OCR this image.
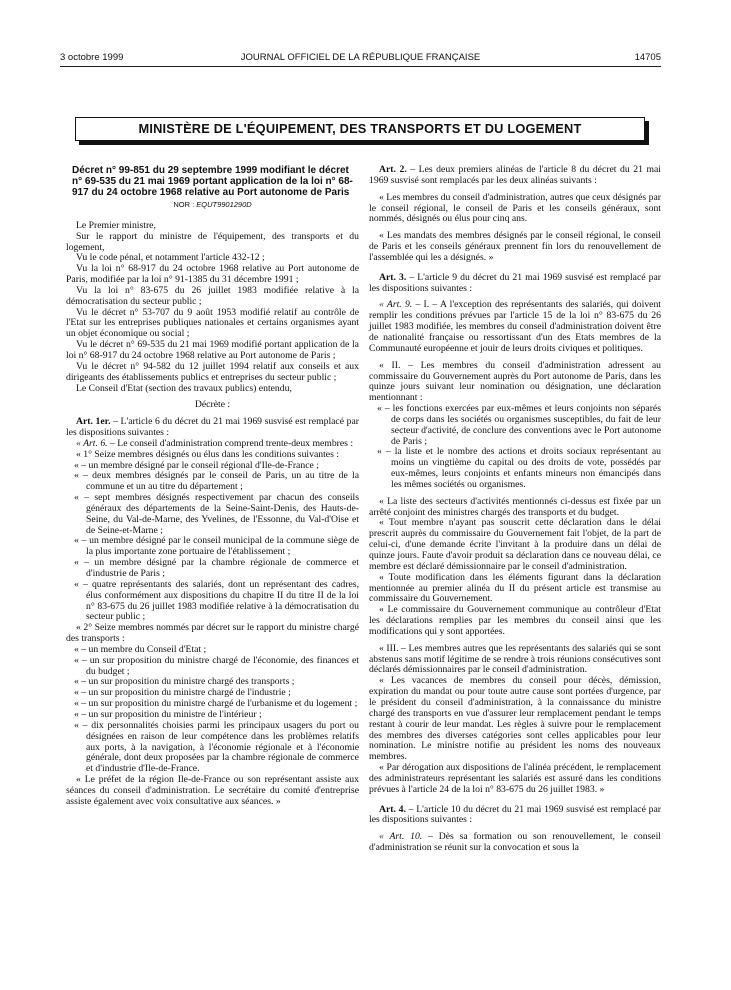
3 octobre 1999	JOURNAL OFFICIEL DE LA RÉPUBLIQUE FRANÇAISE	14705
MINISTÈRE DE L'ÉQUIPEMENT, DES TRANSPORTS ET DU LOGEMENT

Décret n° 99-851 du 29 septembre 1999 modifiant le décret n° 69-535 du 21 mai 1969 portant application de la loi n° 68-917 du 24 octobre 1968 relative au Port autonome de Paris

NOR : EQUT9901290D

Le Premier ministre,

Sur le rapport du ministre de l'équipement, des transports et du logement,

Vu le code pénal, et notamment l'article 432-12 ;

Vu la loi n° 68-917 du 24 octobre 1968 relative au Port autonome de Paris, modifiée par la loi n° 91-1385 du 31 décembre 1991 ;

Vu la loi n° 83-675 du 26 juillet 1983 modifiée relative à la démocratisation du secteur public ;

Vu le décret n° 53-707 du 9 août 1953 modifié relatif au contrôle de l'Etat sur les entreprises publiques nationales et certains organismes ayant un objet économique ou social ;

Vu le décret n° 69-535 du 21 mai 1969 modifié portant application de la loi n° 68-917 du 24 octobre 1968 relative au Port autonome de Paris ;

Vu le décret n° 94-582 du 12 juillet 1994 relatif aux conseils et aux dirigeants des établissements publics et entreprises du secteur public ;

Le Conseil d'Etat (section des travaux publics) entendu,

Décrète :

Art. 1er. – L'article 6 du décret du 21 mai 1969 susvisé est remplacé par les dispositions suivantes :

« Art. 6. – Le conseil d'administration comprend trente-deux membres :

« 1° Seize membres désignés ou élus dans les conditions suivantes :

« – un membre désigné par le conseil régional d'Ile-de-France ;

« – deux membres désignés par le conseil de Paris, un au titre de la commune et un au titre du département ;

« – sept membres désignés respectivement par chacun des conseils généraux des départements de la Seine-Saint-Denis, des Hauts-de-Seine, du Val-de-Marne, des Yvelines, de l'Essonne, du Val-d'Oise et de Seine-et-Marne ;

« – un membre désigné par le conseil municipal de la commune siège de la plus importante zone portuaire de l'établissement ;

« – un membre désigné par la chambre régionale de commerce et d'industrie de Paris ;

« – quatre représentants des salariés, dont un représentant des cadres, élus conformément aux dispositions du chapitre II du titre II de la loi n° 83-675 du 26 juillet 1983 modifiée relative à la démocratisation du secteur public ;

« 2° Seize membres nommés par décret sur le rapport du ministre chargé des transports :

« – un membre du Conseil d'Etat ;

« – un sur proposition du ministre chargé de l'économie, des finances et du budget ;

« – un sur proposition du ministre chargé des transports ;

« – un sur proposition du ministre chargé de l'industrie ;

« – un sur proposition du ministre chargé de l'urbanisme et du logement ;

« – un sur proposition du ministre de l'intérieur ;

« – dix personnalités choisies parmi les principaux usagers du port ou désignées en raison de leur compétence dans les problèmes relatifs aux ports, à la navigation, à l'économie régionale et à l'économie générale, dont deux proposées par la chambre régionale de commerce et d'industrie d'Ile-de-France.

« Le préfet de la région Ile-de-France ou son représentant assiste aux séances du conseil d'administration. Le secrétaire du comité d'entreprise assiste également avec voix consultative aux séances. »

Art. 2. – Les deux premiers alinéas de l'article 8 du décret du 21 mai 1969 susvisé sont remplacés par les deux alinéas suivants :

« Les membres du conseil d'administration, autres que ceux désignés par le conseil régional, le conseil de Paris et les conseils généraux, sont nommés, désignés ou élus pour cinq ans.

« Les mandats des membres désignés par le conseil régional, le conseil de Paris et les conseils généraux prennent fin lors du renouvellement de l'assemblée qui les a désignés. »

Art. 3. – L'article 9 du décret du 21 mai 1969 susvisé est remplacé par les dispositions suivantes :

« Art. 9. – I. – A l'exception des représentants des salariés, qui doivent remplir les conditions prévues par l'article 15 de la loi n° 83-675 du 26 juillet 1983 modifiée, les membres du conseil d'administration doivent être de nationalité française ou ressortissant d'un des Etats membres de la Communauté européenne et jouir de leurs droits civiques et politiques.

« II. – Les membres du conseil d'administration adressent au commissaire du Gouvernement auprès du Port autonome de Paris, dans les quinze jours suivant leur nomination ou désignation, une déclaration mentionnant :

« – les fonctions exercées par eux-mêmes et leurs conjoints non séparés de corps dans les sociétés ou organismes susceptibles, du fait de leur secteur d'activité, de conclure des conventions avec le Port autonome de Paris ;

« – la liste et le nombre des actions et droits sociaux représentant au moins un vingtième du capital ou des droits de vote, possédés par eux-mêmes, leurs conjoints et enfants mineurs non émancipés dans les mêmes sociétés ou organismes.

« La liste des secteurs d'activités mentionnés ci-dessus est fixée par un arrêté conjoint des ministres chargés des transports et du budget.

« Tout membre n'ayant pas souscrit cette déclaration dans le délai prescrit auprès du commissaire du Gouvernement fait l'objet, de la part de celui-ci, d'une demande écrite l'invitant à la produire dans un délai de quinze jours. Faute d'avoir produit sa déclaration dans ce nouveau délai, ce membre est déclaré démissionnaire par le conseil d'administration.

« Toute modification dans les éléments figurant dans la déclaration mentionnée au premier alinéa du II du présent article est transmise au commissaire du Gouvernement.

« Le commissaire du Gouvernement communique au contrôleur d'Etat les déclarations remplies par les membres du conseil ainsi que les modifications qui y sont apportées.

« III. – Les membres autres que les représentants des salariés qui se sont abstenus sans motif légitime de se rendre à trois réunions consécutives sont déclarés démissionnaires par le conseil d'administration.

« Les vacances de membres du conseil pour décès, démission, expiration du mandat ou pour toute autre cause sont portées d'urgence, par le président du conseil d'administration, à la connaissance du ministre chargé des transports en vue d'assurer leur remplacement pendant le temps restant à courir de leur mandat. Les règles à suivre pour le remplacement des membres des diverses catégories sont celles applicables pour leur nomination. Le ministre notifie au président les noms des nouveaux membres.

« Par dérogation aux dispositions de l'alinéa précédent, le remplacement des administrateurs représentant les salariés est assuré dans les conditions prévues à l'article 24 de la loi n° 83-675 du 26 juillet 1983. »

Art. 4. – L'article 10 du décret du 21 mai 1969 susvisé est remplacé par les dispositions suivantes :

« Art. 10. – Dès sa formation ou son renouvellement, le conseil d'administration se réunit sur la convocation et sous la
